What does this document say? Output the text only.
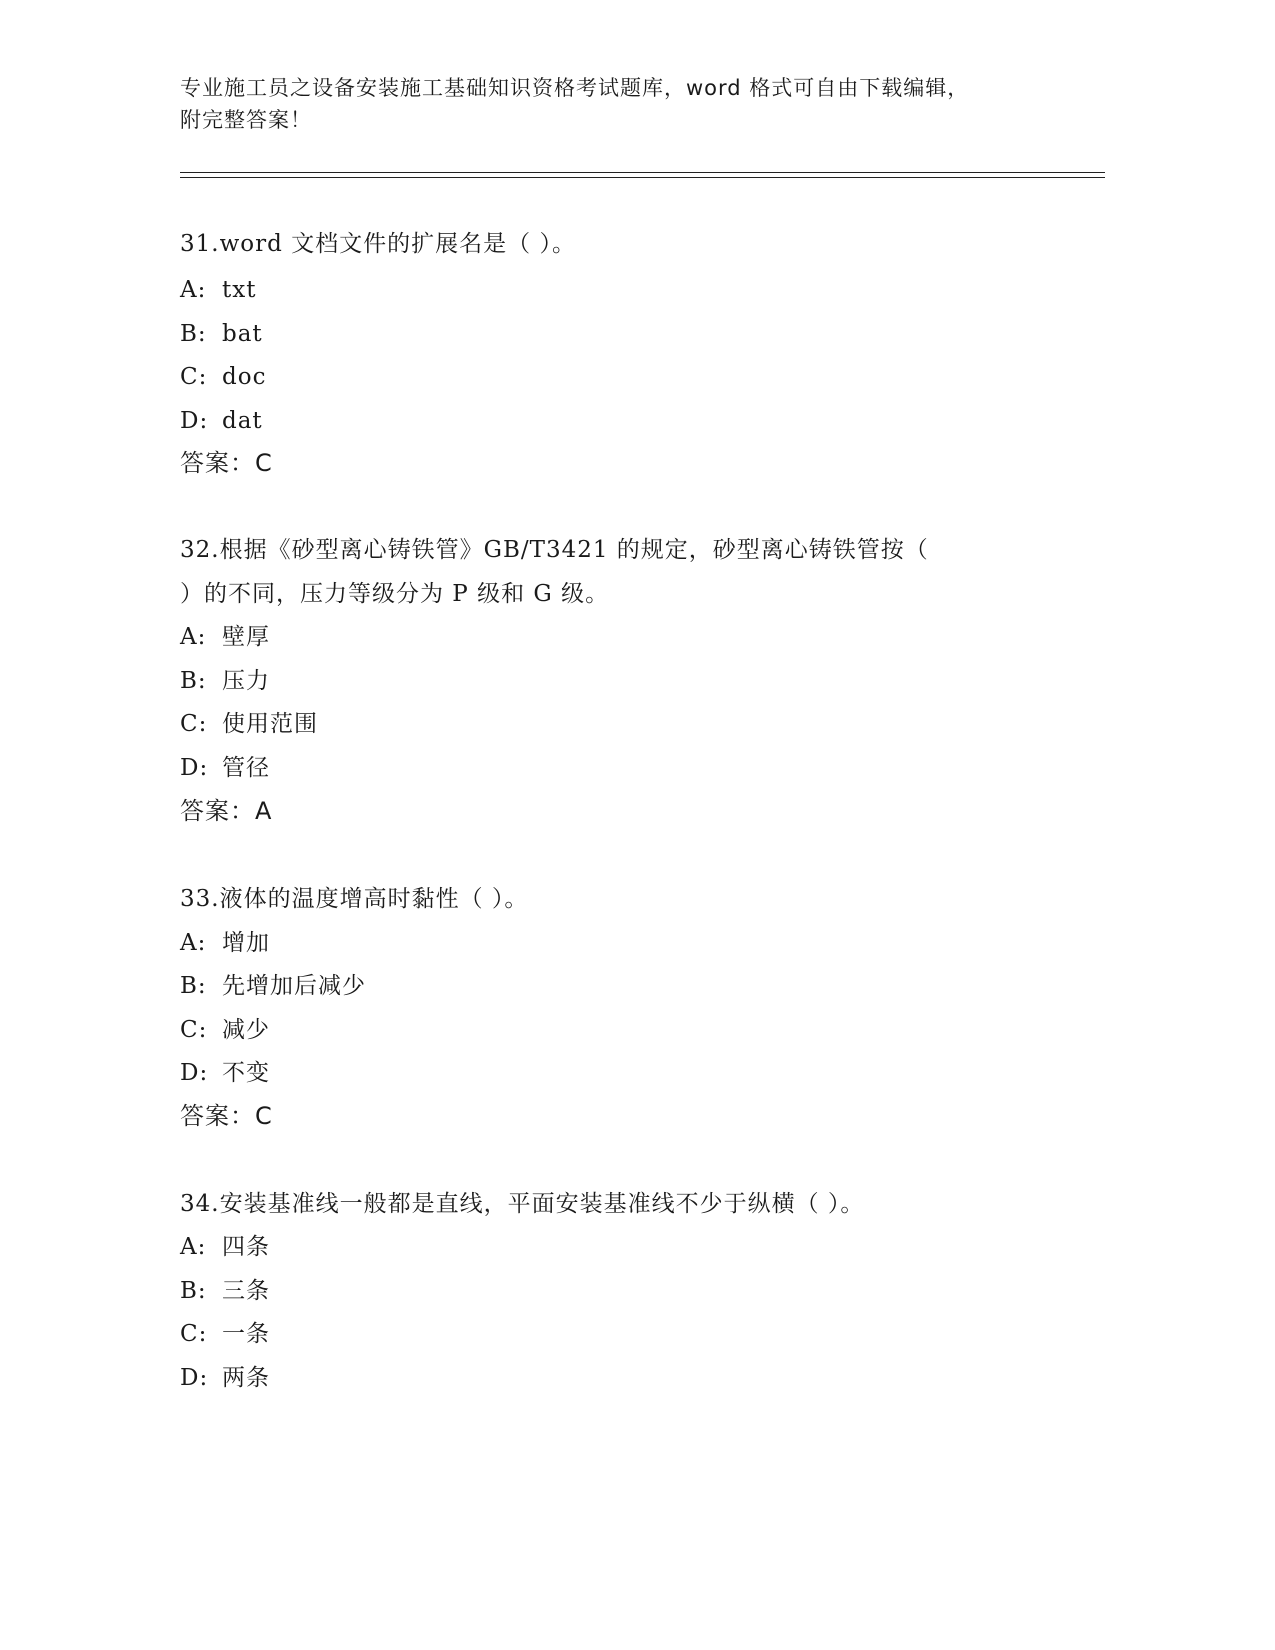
专业施工员之设备安装施工基础知识资格考试题库，word 格式可自由下载编辑，
附完整答案！
31.word 文档文件的扩展名是（ ）。
A: txt
B: bat
C: doc
D: dat
答案：C
32.根据《砂型离心铸铁管》GB/T3421 的规定，砂型离心铸铁管按（
）的不同，压力等级分为 P 级和 G 级。
A: 壁厚
B: 压力
C: 使用范围
D: 管径
答案：A
33.液体的温度增高时黏性（ ）。
A: 增加
B: 先增加后减少
C: 减少
D: 不变
答案：C
34.安装基准线一般都是直线，平面安装基准线不少于纵横（ ）。
A: 四条
B: 三条
C: 一条
D: 两条
